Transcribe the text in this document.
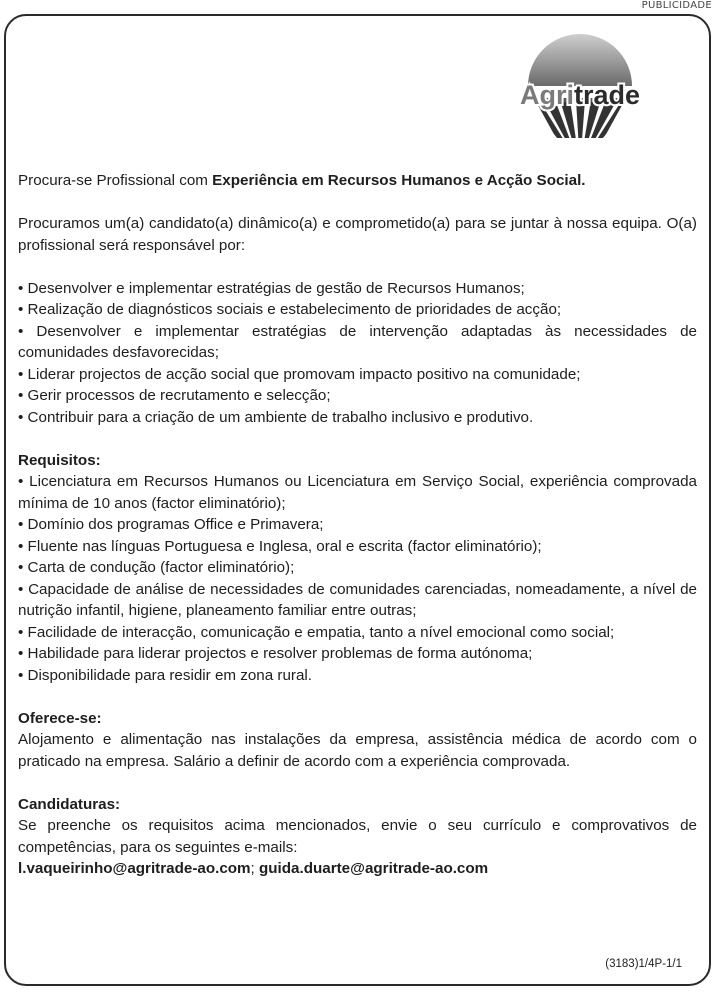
PUBLICIDADE
Agritrade

Procura-se Profissional com Experiência em Recursos Humanos e Acção Social.

Procuramos um(a) candidato(a) dinâmico(a) e comprometido(a) para se juntar à nossa equipa. O(a) profissional será responsável por:

• Desenvolver e implementar estratégias de gestão de Recursos Humanos;

• Realização de diagnósticos sociais e estabelecimento de prioridades de acção;

• Desenvolver e implementar estratégias de intervenção adaptadas às necessidades de comunidades desfavorecidas;

• Liderar projectos de acção social que promovam impacto positivo na comunidade;

• Gerir processos de recrutamento e selecção;

• Contribuir para a criação de um ambiente de trabalho inclusivo e produtivo.

Requisitos:

• Licenciatura em Recursos Humanos ou Licenciatura em Serviço Social, experiência comprovada mínima de 10 anos (factor eliminatório);

• Domínio dos programas Office e Primavera;

• Fluente nas línguas Portuguesa e Inglesa, oral e escrita (factor eliminatório);

• Carta de condução (factor eliminatório);

• Capacidade de análise de necessidades de comunidades carenciadas, nomeadamente, a nível de nutrição infantil, higiene, planeamento familiar entre outras;

• Facilidade de interacção, comunicação e empatia, tanto a nível emocional como social;

• Habilidade para liderar projectos e resolver problemas de forma autónoma;

• Disponibilidade para residir em zona rural.

Oferece-se:

Alojamento e alimentação nas instalações da empresa, assistência médica de acordo com o praticado na empresa. Salário a definir de acordo com a experiência comprovada.

Candidaturas:

Se preenche os requisitos acima mencionados, envie o seu currículo e comprovativos de competências, para os seguintes e-mails:

l.vaqueirinho@agritrade-ao.com; guida.duarte@agritrade-ao.com

(3183)1/4P-1/1
